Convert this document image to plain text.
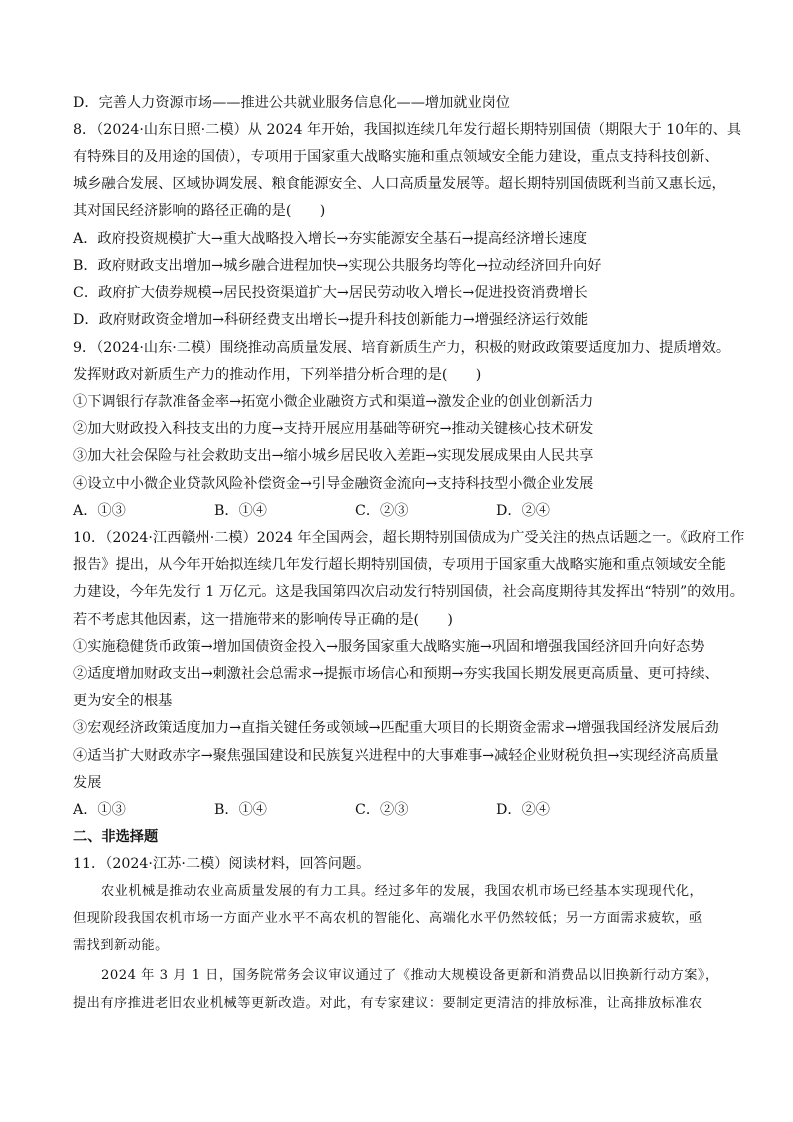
D．完善人力资源市场——推进公共就业服务信息化——增加就业岗位
8．（2024·山东日照·二模）从 2024 年开始，我国拟连续几年发行超长期特别国债（期限大于 10年的、具
有特殊目的及用途的国债），专项用于国家重大战略实施和重点领域安全能力建设，重点支持科技创新、
城乡融合发展、区域协调发展、粮食能源安全、人口高质量发展等。超长期特别国债既利当前又惠长远，
其对国民经济影响的路径正确的是(　　)
A．政府投资规模扩大→重大战略投入增长→夯实能源安全基石→提高经济增长速度
B．政府财政支出增加→城乡融合进程加快→实现公共服务均等化→拉动经济回升向好
C．政府扩大债券规模→居民投资渠道扩大→居民劳动收入增长→促进投资消费增长
D．政府财政资金增加→科研经费支出增长→提升科技创新能力→增强经济运行效能
9．（2024·山东·二模）围绕推动高质量发展、培育新质生产力，积极的财政政策要适度加力、提质增效。
发挥财政对新质生产力的推动作用，下列举措分析合理的是(　　)
①下调银行存款准备金率→拓宽小微企业融资方式和渠道→激发企业的创业创新活力
②加大财政投入科技支出的力度→支持开展应用基础等研究→推动关键核心技术研发
③加大社会保险与社会救助支出→缩小城乡居民收入差距→实现发展成果由人民共享
④设立中小微企业贷款风险补偿资金→引导金融资金流向→支持科技型小微企业发展
A．①③	B．①④	C．②③	D．②④
10．（2024·江西赣州·二模）2024 年全国两会，超长期特别国债成为广受关注的热点话题之一。《政府工作
报告》提出，从今年开始拟连续几年发行超长期特别国债，专项用于国家重大战略实施和重点领域安全能
力建设，今年先发行 1 万亿元。这是我国第四次启动发行特别国债，社会高度期待其发挥出“特别”的效用。
若不考虑其他因素，这一措施带来的影响传导正确的是(　　)
①实施稳健货币政策→增加国债资金投入→服务国家重大战略实施→巩固和增强我国经济回升向好态势
②适度增加财政支出→刺激社会总需求→提振市场信心和预期→夯实我国长期发展更高质量、更可持续、
更为安全的根基
③宏观经济政策适度加力→直指关键任务或领域→匹配重大项目的长期资金需求→增强我国经济发展后劲
④适当扩大财政赤字→聚焦强国建设和民族复兴进程中的大事难事→减轻企业财税负担→实现经济高质量
发展
A．①③	B．①④	C．②③	D．②④
二、非选择题
11．（2024·江苏·二模）阅读材料，回答问题。
农业机械是推动农业高质量发展的有力工具。经过多年的发展，我国农机市场已经基本实现现代化，
但现阶段我国农机市场一方面产业水平不高农机的智能化、高端化水平仍然较低；另一方面需求疲软，亟
需找到新动能。
2024 年 3 月 1 日，国务院常务会议审议通过了《推动大规模设备更新和消费品以旧换新行动方案》，
提出有序推进老旧农业机械等更新改造。对此，有专家建议：要制定更清洁的排放标准，让高排放标准农
